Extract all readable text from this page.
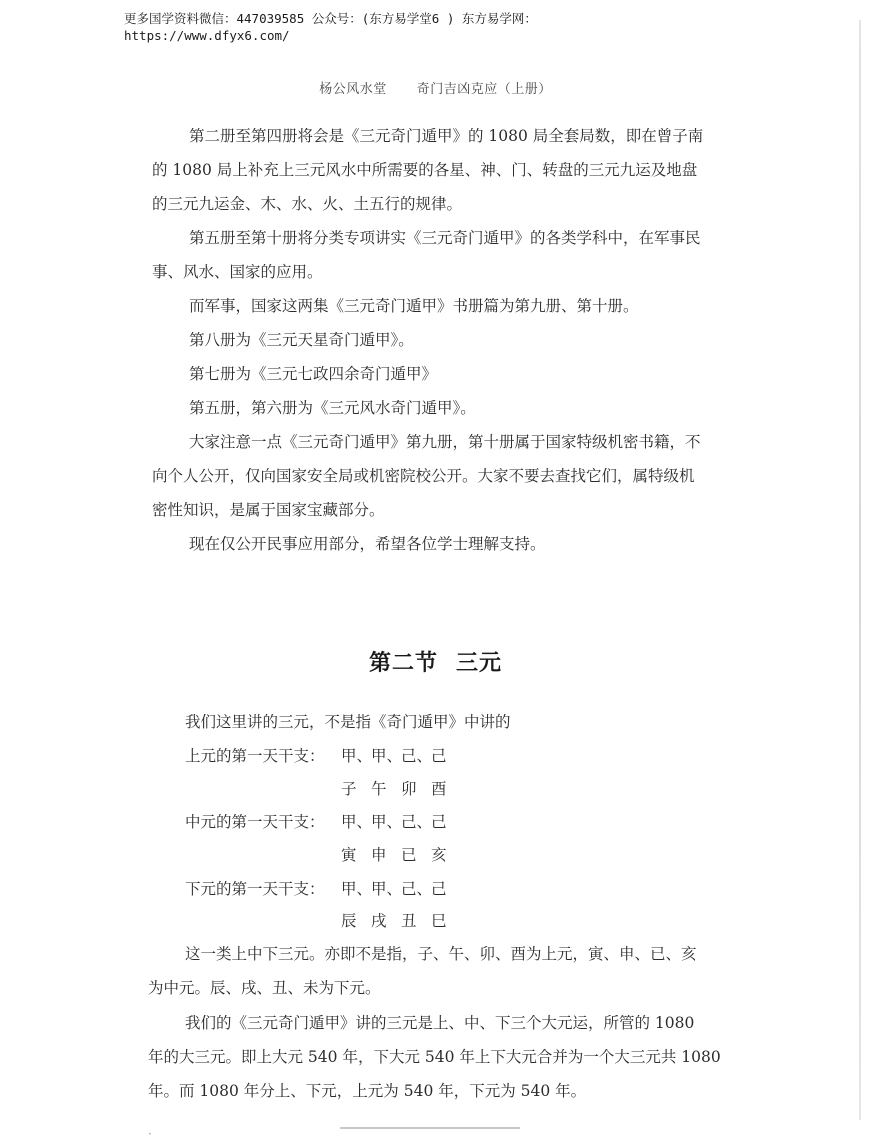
更多国学资料微信：447039585 公众号：(东方易学堂6 ) 东方易学网：
https://www.dfyx6.com/
杨公风水堂 奇门吉凶克应（上册）

第二册至第四册将会是《三元奇门遁甲》的 1080 局全套局数，即在曾子南

的 1080 局上补充上三元风水中所需要的各星、神、门、转盘的三元九运及地盘

的三元九运金、木、水、火、土五行的规律。

第五册至第十册将分类专项讲实《三元奇门遁甲》的各类学科中，在军事民

事、风水、国家的应用。

而军事，国家这两集《三元奇门遁甲》书册篇为第九册、第十册。

第八册为《三元天星奇门遁甲》。

第七册为《三元七政四余奇门遁甲》

第五册，第六册为《三元风水奇门遁甲》。

大家注意一点《三元奇门遁甲》第九册，第十册属于国家特级机密书籍，不

向个人公开，仅向国家安全局或机密院校公开。大家不要去查找它们，属特级机

密性知识，是属于国家宝藏部分。

现在仅公开民事应用部分，希望各位学士理解支持。

第二节 三元

我们这里讲的三元，不是指《奇门遁甲》中讲的

上元的第一天干支： 甲、甲、己、己
子 午 卯 酉
中元的第一天干支： 甲、甲、己、己
寅 申 已 亥
下元的第一天干支： 甲、甲、己、己
辰 戌 丑 巳

这一类上中下三元。亦即不是指，子、午、卯、酉为上元，寅、申、已、亥

为中元。辰、戌、丑、未为下元。

我们的《三元奇门遁甲》讲的三元是上、中、下三个大元运，所管的 1080

年的大三元。即上大元 540 年，下大元 540 年上下大元合并为一个大三元共 1080

年。而 1080 年分上、下元，上元为 540 年，下元为 540 年。

·
